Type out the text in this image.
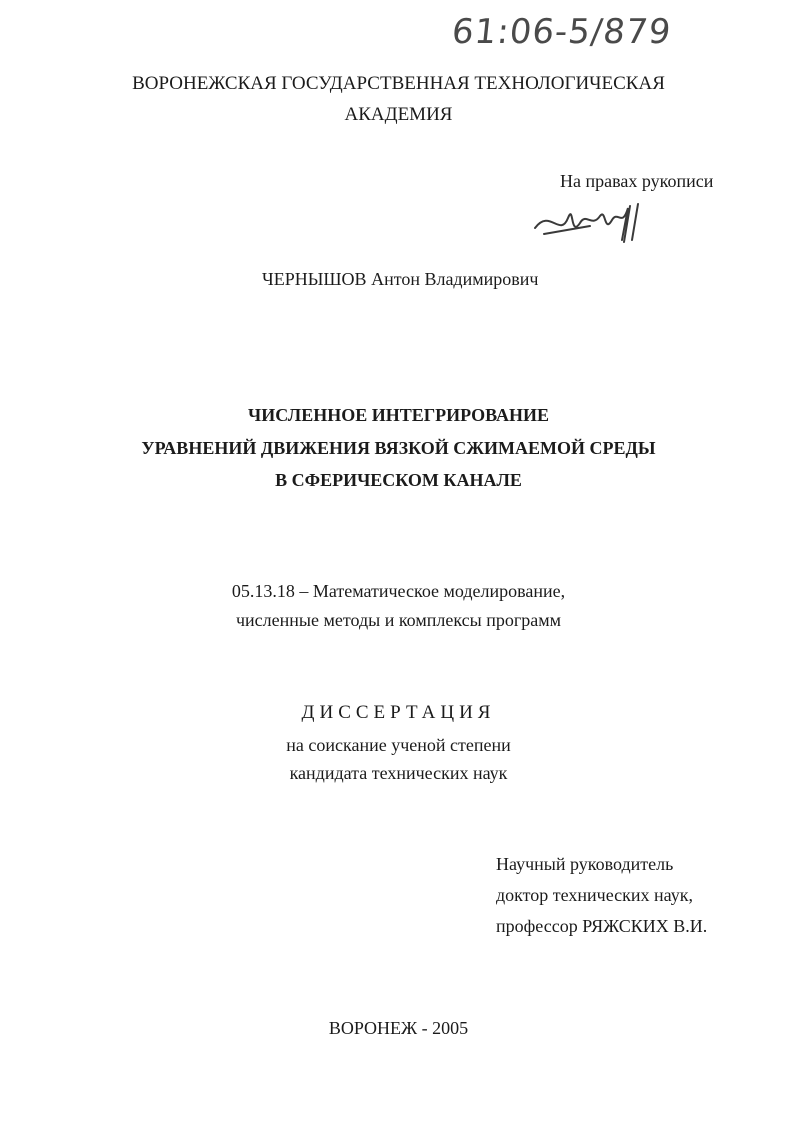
61:06-5/879
ВОРОНЕЖСКАЯ ГОСУДАРСТВЕННАЯ ТЕХНОЛОГИЧЕСКАЯ
АКАДЕМИЯ
На правах рукописи
ЧЕРНЫШОВ Антон Владимирович
ЧИСЛЕННОЕ ИНТЕГРИРОВАНИЕ
УРАВНЕНИЙ ДВИЖЕНИЯ ВЯЗКОЙ СЖИМАЕМОЙ СРЕДЫ
В СФЕРИЧЕСКОМ КАНАЛЕ
05.13.18 – Математическое моделирование,
численные методы и комплексы программ
ДИССЕРТАЦИЯ
на соискание ученой степени
кандидата технических наук
Научный руководитель
доктор технических наук,
профессор РЯЖСКИХ В.И.
ВОРОНЕЖ - 2005
